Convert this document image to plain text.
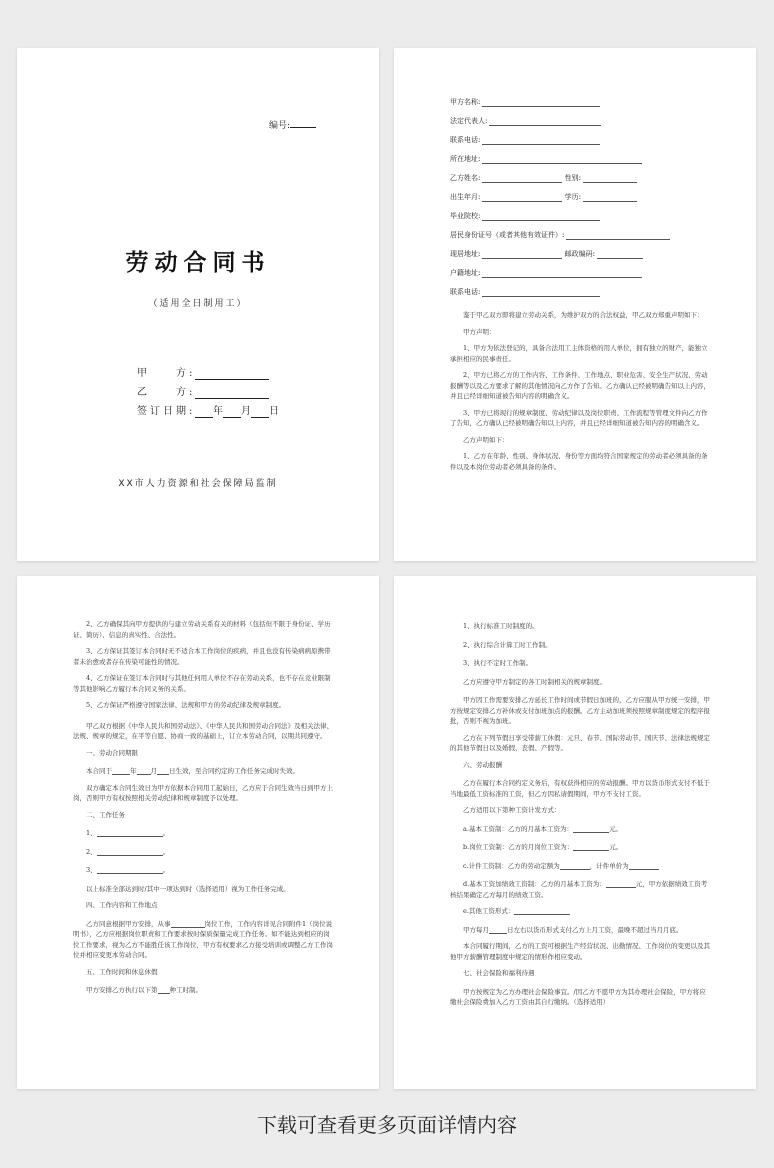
编号:
劳动合同书
（适用全日制用工）
甲　　方:
乙　　方:
签订日期: 年 月 日
XX市人力资源和社会保障局监制
甲方名称:
法定代表人:
联系电话:
所在地址:
乙方姓名:	性别:
出生年月:	学历:
毕业院校:
居民身份证号（或者其他有效证件）:
现居地址:	邮政编码:
户籍地址:
联系电话:

鉴于甲乙双方即将建立劳动关系，为维护双方的合法权益，甲乙双方郑重声明如下：

甲方声明：

1、甲方为依法登记的，具备合法用工主体资格的用人单位，拥有独立的财产，能独立承担相应的民事责任。

2、甲方已将乙方的工作内容、工作条件、工作地点、职业危害、安全生产状况、劳动报酬等以及乙方要求了解的其他情况向乙方作了告知。乙方确认已经被明确告知以上内容，并且已经详细知道被告知内容的明确含义。

3、甲方已将现行的规章制度、劳动纪律以及岗位职责、工作流程等管理文件向乙方作了告知，乙方确认已经被明确告知以上内容，并且已经详细知道被告知内容的明确含义。

乙方声明如下：

1、乙方在年龄、性别、身体状况、身份等方面均符合国家规定的劳动者必须具备的条件以及本岗位劳动者必须具备的条件。

2、乙方确保其向甲方提供的与建立劳动关系有关的材料（包括但不限于身份证、学历证、简历）、信息的真实性、合法性。

3、乙方保证其签订本合同时无不适合本工作岗位的疾病，并且也没有传染病病原携带者未治愈或者存在传染可能性的情况。

4、乙方保证在签订本合同时与其他任何用人单位不存在劳动关系，也不存在竞业限制等其他影响乙方履行本合同义务的关系。

5、乙方保证严格遵守国家法律、法规和甲方的劳动纪律及规章制度。

甲乙双方根据《中华人民共和国劳动法》、《中华人民共和国劳动合同法》及相关法律、法规、规章的规定，在平等自愿、协商一致的基础上，订立本劳动合同，以期共同遵守。

一、劳动合同期限

本合同于	年 月 日生效，至合同约定的工作任务完成时失效。

双方确定本合同生效日为甲方依据本合同用工起始日，乙方应于合同生效当日到甲方上岗，否则甲方有权按照相关劳动纪律和规章制度予以处理。

二、工作任务

1、	。

2、	。

3、	。

以上标准全部达到时/其中一项达到时（选择适用）视为工作任务完成。

四、工作内容和工作地点

乙方同意根据甲方安排，从事	岗位工作，工作内容详见合同附件1（岗位说明书），乙方应根据岗位职责和工作要求按时保质保量完成工作任务。如不能达到相应的岗位工作要求，视为乙方不能胜任该工作岗位，甲方有权要求乙方接受培训或调整乙方工作岗位并相应变更本劳动合同。

五、工作时间和休息休假

甲方安排乙方执行以下第 种工时制。

1、执行标准工时制度的。

2、执行综合计算工时工作制。

3、执行不定时工作制。

乙方应遵守甲方制定的各工时制相关的规章制度。

甲方因工作需要安排乙方延长工作时间或节假日加班的，乙方应服从甲方统一安排，甲方按规定安排乙方补休或支付加班加点的报酬。乙方主动加班须按照规章制度规定的程序报批，否则不视为加班。

乙方在下列节假日享受带薪工休假：元旦、春节、国际劳动节、国庆节、法律法规规定的其他节假日以及婚假、丧假、产假等。

六、劳动报酬

乙方在履行本合同约定义务后，有权获得相应的劳动报酬。甲方以货币形式支付不低于当地最低工资标准的工资，但乙方因私请假期间，甲方不支付工资。

乙方适用以下第种工资计发方式：

a.基本工资制：乙方的月基本工资为：	元。

b.岗位工资制：乙方的月岗位工资为：	元。

c.计件工资制：乙方的劳动定额为	，计件单价为

d.基本工资加绩效工资制：乙方的月基本工资为：	元，甲方依据绩效工资考核结果确定乙方每月的绩效工资。

e.其他工资形式：

甲方每月	日左右以货币形式支付乙方上月工资，最晚不超过当月月底。

本合同履行期间，乙方的工资可根据生产经营状况、出勤情况、工作岗位的变更以及其他甲方薪酬管理制度中规定的情形作相应变动。

七、社会保险和福利待遇

甲方按规定为乙方办理社会保险事宜。/因乙方不愿甲方为其办理社会保险，甲方将应缴社会保险费加入乙方工资由其自行缴纳。（选择适用）

下载可查看更多页面详情内容
